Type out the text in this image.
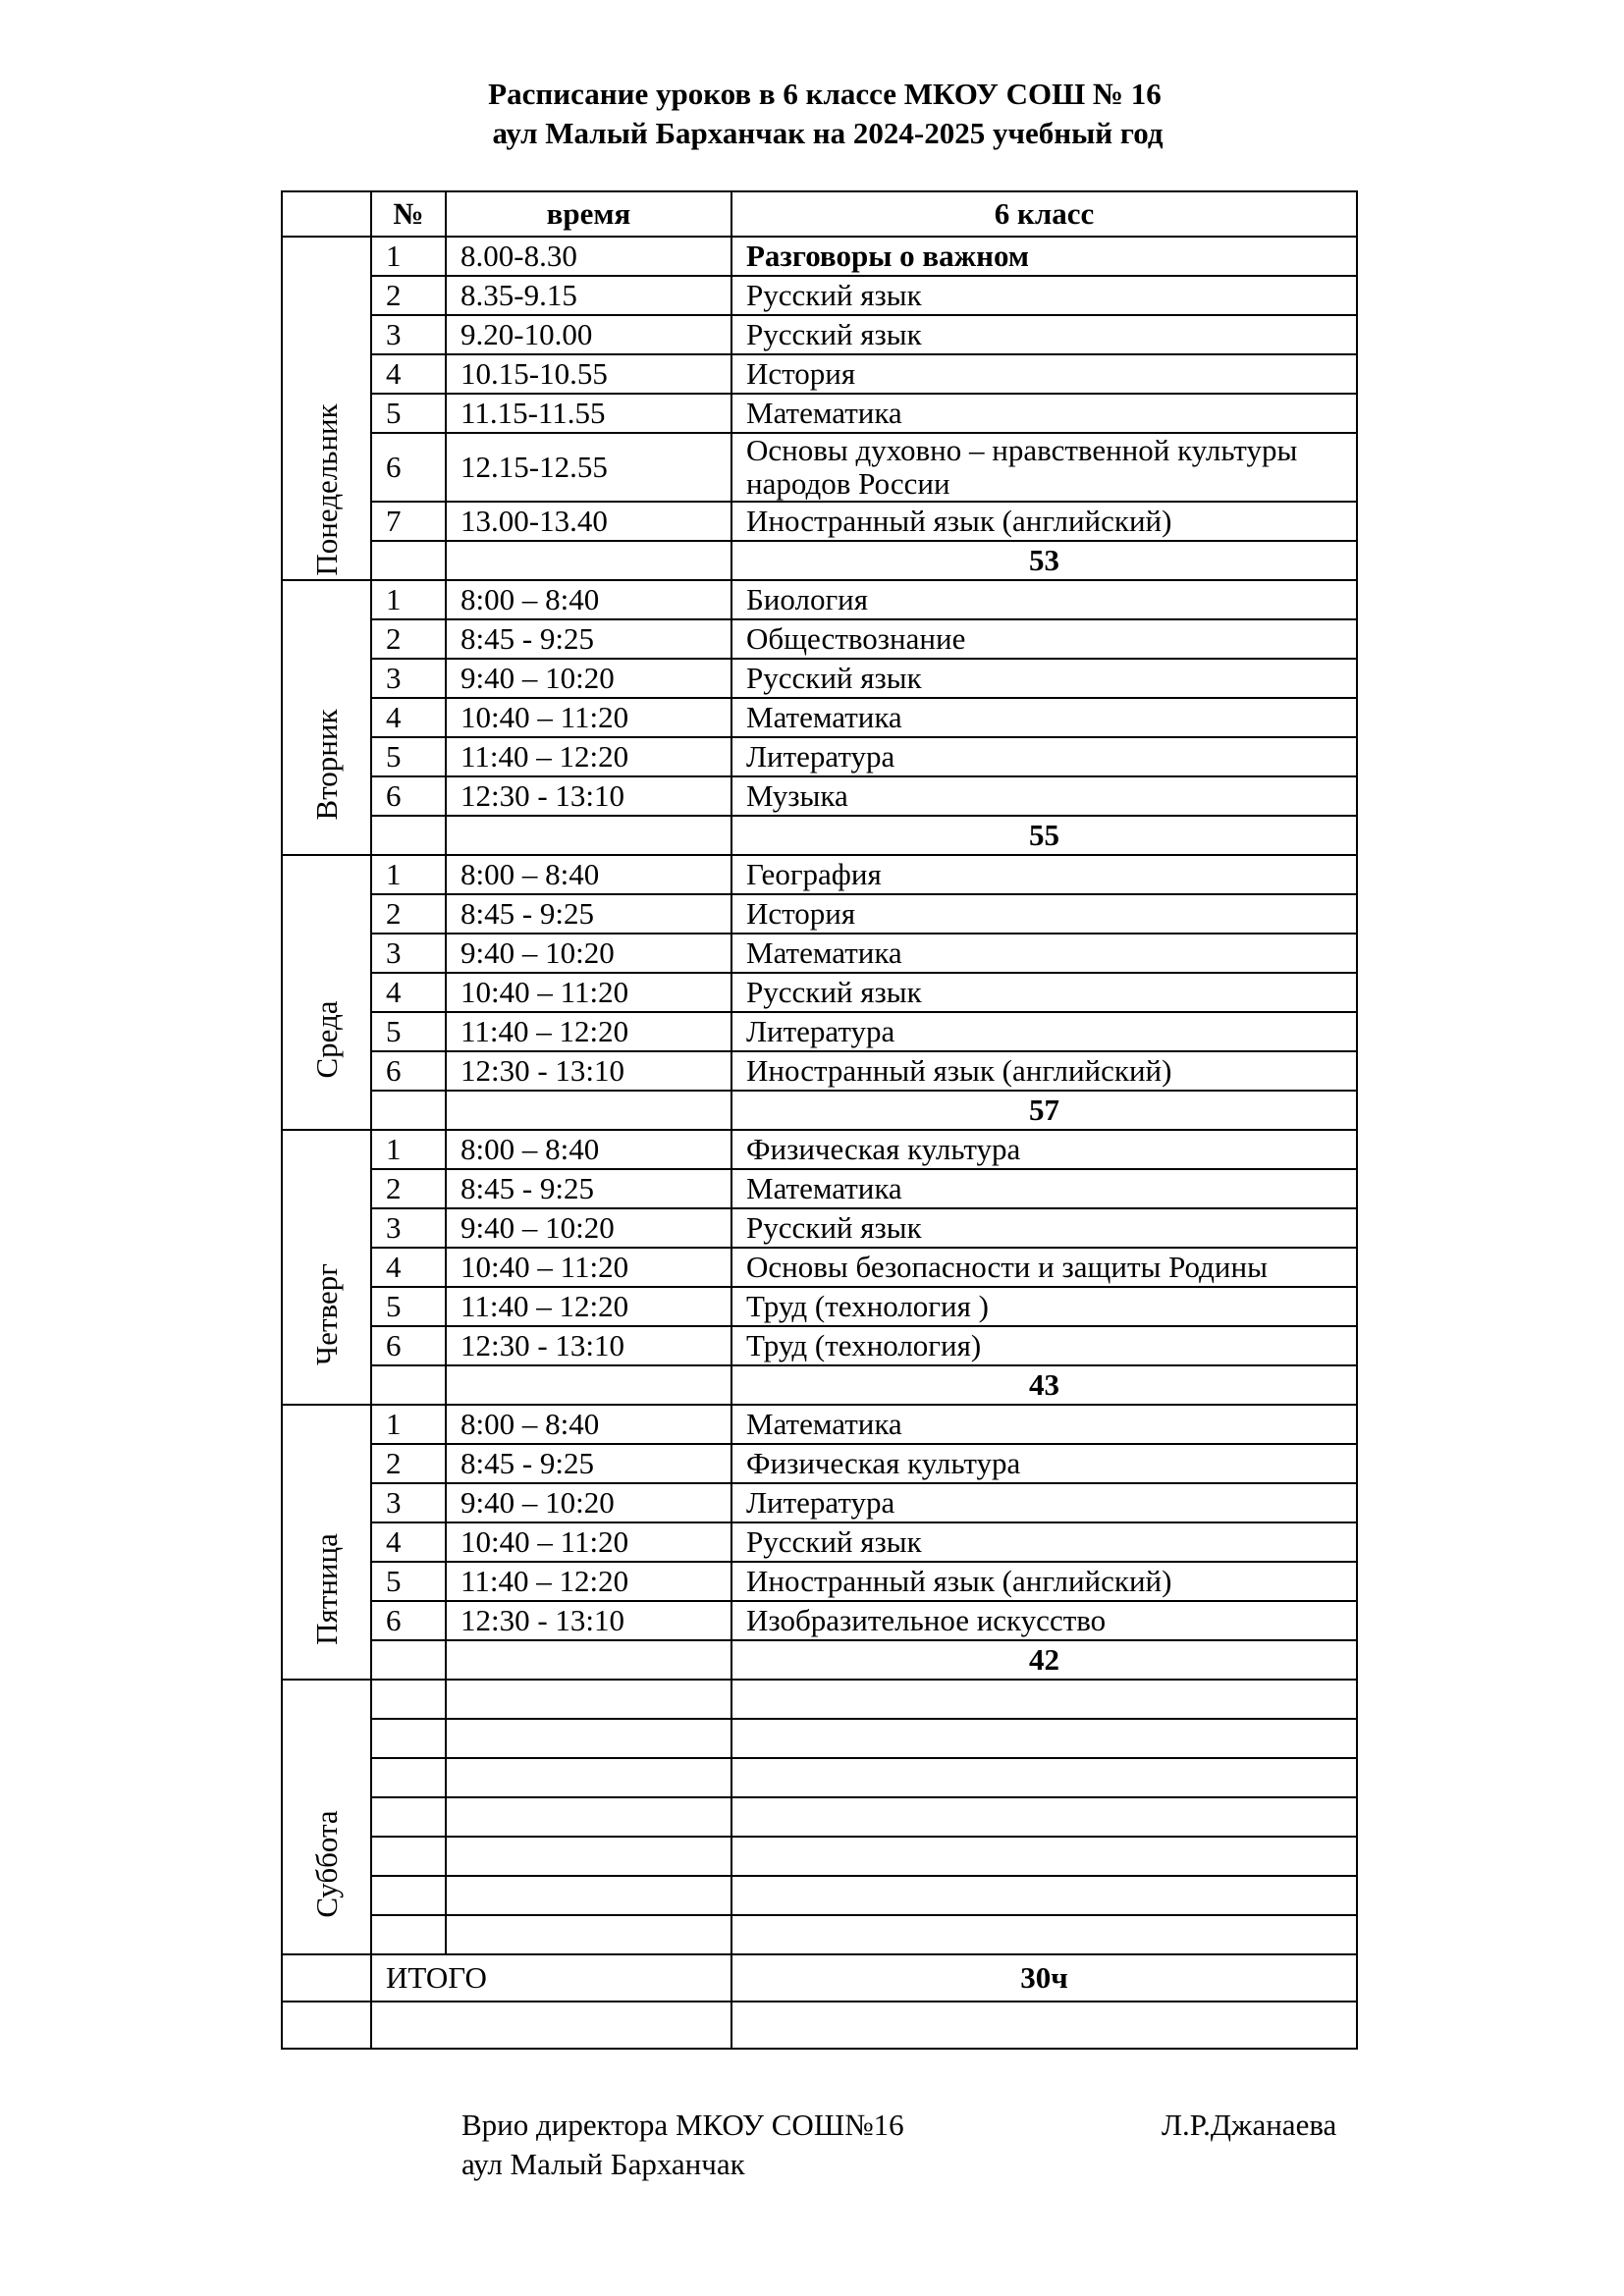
Расписание уроков в 6 классе МКОУ СОШ № 16
аул Малый Барханчак на 2024-2025 учебный год
	№	время	6 класс

Понедельник	1	8.00-8.30	Разговоры о важном
	2	8.35-9.15	Русский язык
	3	9.20-10.00	Русский язык
	4	10.15-10.55	История
	5	11.15-11.55	Математика
	6	12.15-12.55	Основы духовно – нравственной культуры народов России
	7	13.00-13.40	Иностранный язык (английский)
			53

Вторник	1	8:00 – 8:40	Биология
	2	8:45 - 9:25	Обществознание
	3	9:40 – 10:20	Русский язык
	4	10:40 – 11:20	Математика
	5	11:40 – 12:20	Литература
	6	12:30 - 13:10	Музыка
			55

Среда	1	8:00 – 8:40	География
	2	8:45 - 9:25	История
	3	9:40 – 10:20	Математика
	4	10:40 – 11:20	Русский язык
	5	11:40 – 12:20	Литература
	6	12:30 - 13:10	Иностранный язык (английский)
			57

Четверг	1	8:00 – 8:40	Физическая культура
	2	8:45 - 9:25	Математика
	3	9:40 – 10:20	Русский язык
	4	10:40 – 11:20	Основы безопасности и защиты Родины
	5	11:40 – 12:20	Труд (технология )
	6	12:30 - 13:10	Труд (технология)
			43

Пятница	1	8:00 – 8:40	Математика
	2	8:45 - 9:25	Физическая культура
	3	9:40 – 10:20	Литература
	4	10:40 – 11:20	Русский язык
	5	11:40 – 12:20	Иностранный язык (английский)
	6	12:30 - 13:10	Изобразительное искусство
			42

Суббота			

	ИТОГО		30ч

Врио директора МКОУ СОШ№16
аул Малый Барханчак
Л.Р.Джанаева
